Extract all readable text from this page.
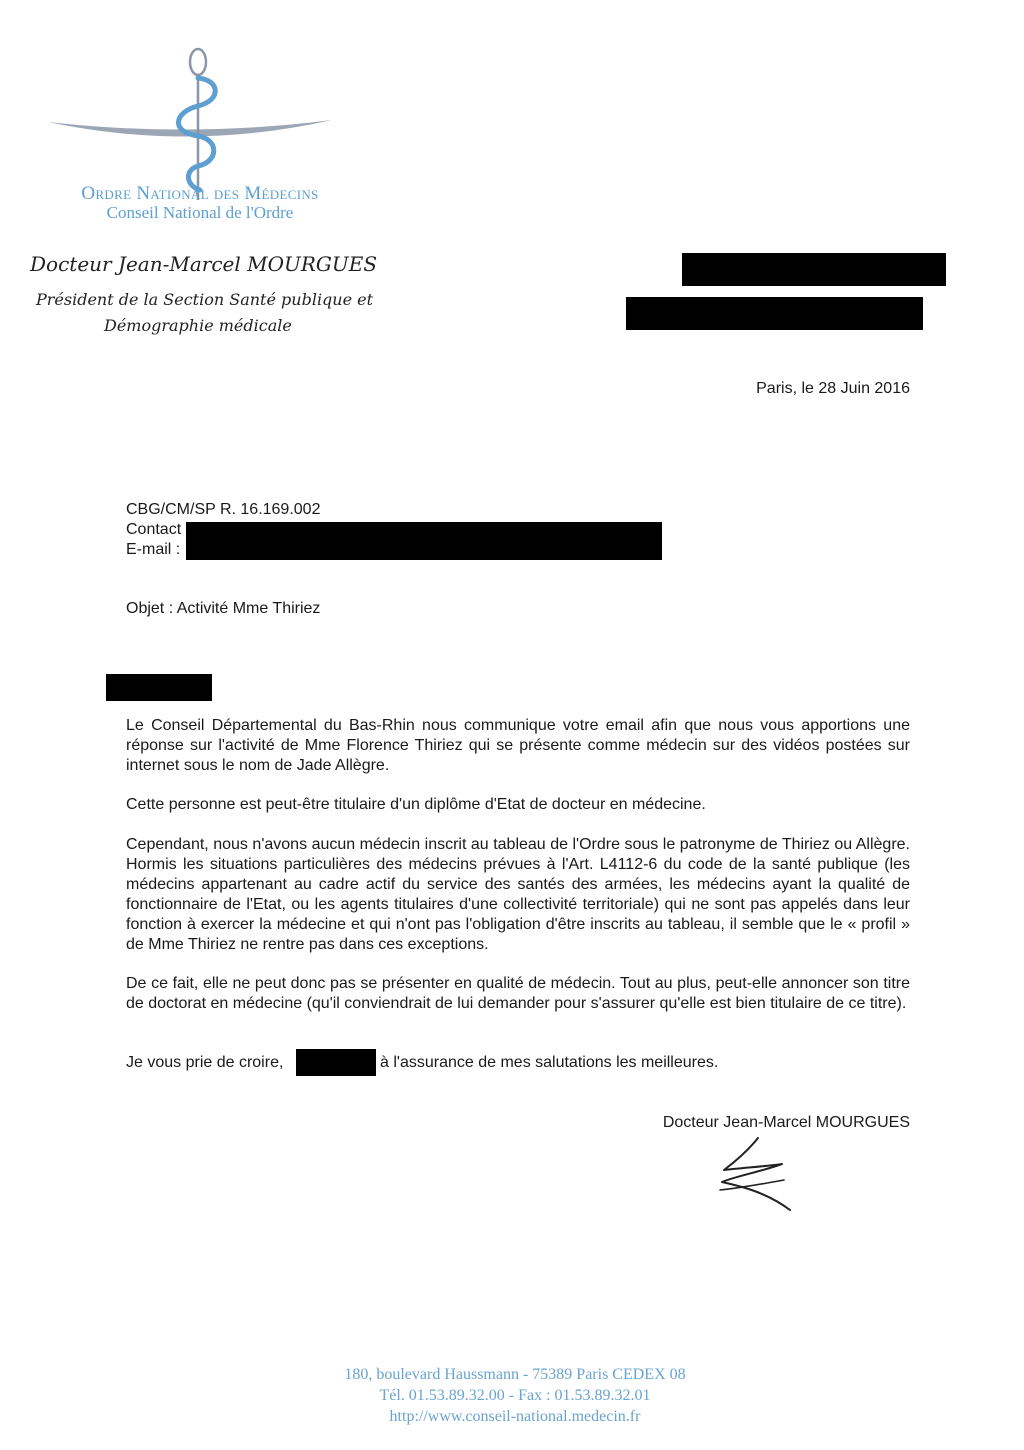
Ordre National des Médecins
Conseil National de l'Ordre
Docteur Jean-Marcel MOURGUES
Président de la Section Santé publique et
Démographie médicale
Paris, le 28 Juin 2016
CBG/CM/SP R. 16.169.002
Contact
E-mail :
Objet : Activité Mme Thiriez
Le Conseil Départemental du Bas-Rhin nous communique votre email afin que nous vous apportions une réponse sur l'activité de Mme Florence Thiriez qui se présente comme médecin sur des vidéos postées sur internet sous le nom de Jade Allègre.
Cette personne est peut-être titulaire d'un diplôme d'Etat de docteur en médecine.
Cependant, nous n'avons aucun médecin inscrit au tableau de l'Ordre sous le patronyme de Thiriez ou Allègre. Hormis les situations particulières des médecins prévues à l'Art. L4112-6 du code de la santé publique (les médecins appartenant au cadre actif du service des santés des armées, les médecins ayant la qualité de fonctionnaire de l'Etat, ou les agents titulaires d'une collectivité territoriale) qui ne sont pas appelés dans leur fonction à exercer la médecine et qui n'ont pas l'obligation d'être inscrits au tableau, il semble que le « profil » de Mme Thiriez ne rentre pas dans ces exceptions.
De ce fait, elle ne peut donc pas se présenter en qualité de médecin. Tout au plus, peut-elle annoncer son titre de doctorat en médecine (qu'il conviendrait de lui demander pour s'assurer qu'elle est bien titulaire de ce titre).
Je vous prie de croire,	à l'assurance de mes salutations les meilleures.
Docteur Jean-Marcel MOURGUES
180, boulevard Haussmann - 75389 Paris CEDEX 08
Tél. 01.53.89.32.00 - Fax : 01.53.89.32.01
http://www.conseil-national.medecin.fr
